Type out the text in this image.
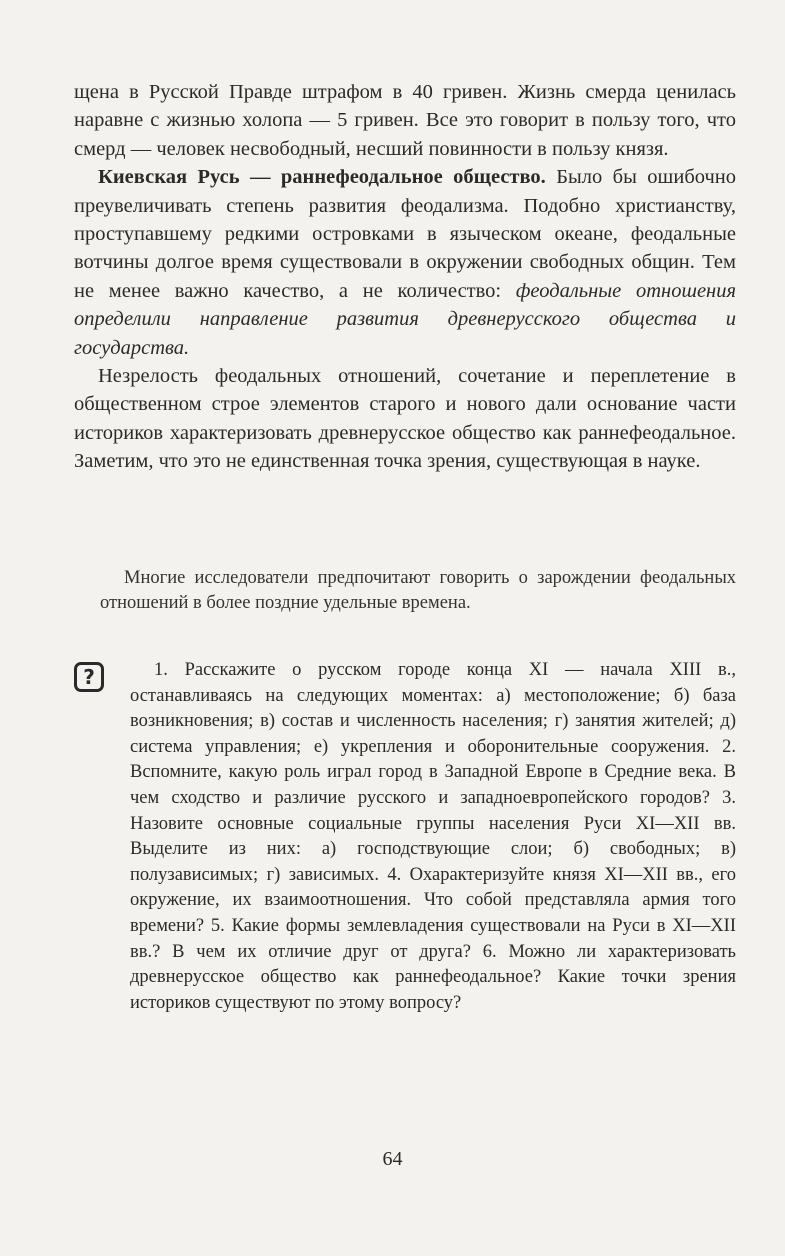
щена в Русской Правде штрафом в 40 гривен. Жизнь смерда ценилась наравне с жизнью холопа — 5 гривен. Все это говорит в пользу того, что смерд — человек несвободный, несший повинности в пользу князя.

Киевская Русь — раннефеодальное общество. Было бы ошибочно преувеличивать степень развития феодализма. Подобно христианству, проступавшему редкими островками в языческом океане, феодальные вотчины долгое время существовали в окружении свободных общин. Тем не менее важно качество, а не количество: феодальные отношения определили направление развития древнерусского общества и государства.

Незрелость феодальных отношений, сочетание и переплетение в общественном строе элементов старого и нового дали основание части историков характеризовать древнерусское общество как раннефеодальное. Заметим, что это не единственная точка зрения, существующая в науке.

Многие исследователи предпочитают говорить о зарождении феодальных отношений в более поздние удельные времена.

?	1. Расскажите о русском городе конца XI — начала XIII в., останавливаясь на следующих моментах: а) местоположение; б) база возникновения; в) состав и численность населения; г) занятия жителей; д) система управления; е) укрепления и оборонительные сооружения. 2. Вспомните, какую роль играл город в Западной Европе в Средние века. В чем сходство и различие русского и западноевропейского городов? 3. Назовите основные социальные группы населения Руси XI—XII вв. Выделите из них: а) господствующие слои; б) свободных; в) полузависимых; г) зависимых. 4. Охарактеризуйте князя XI—XII вв., его окружение, их взаимоотношения. Что собой представляла армия того времени? 5. Какие формы землевладения существовали на Руси в XI—XII вв.? В чем их отличие друг от друга? 6. Можно ли характеризовать древнерусское общество как раннефеодальное? Какие точки зрения историков существуют по этому вопросу?

64
